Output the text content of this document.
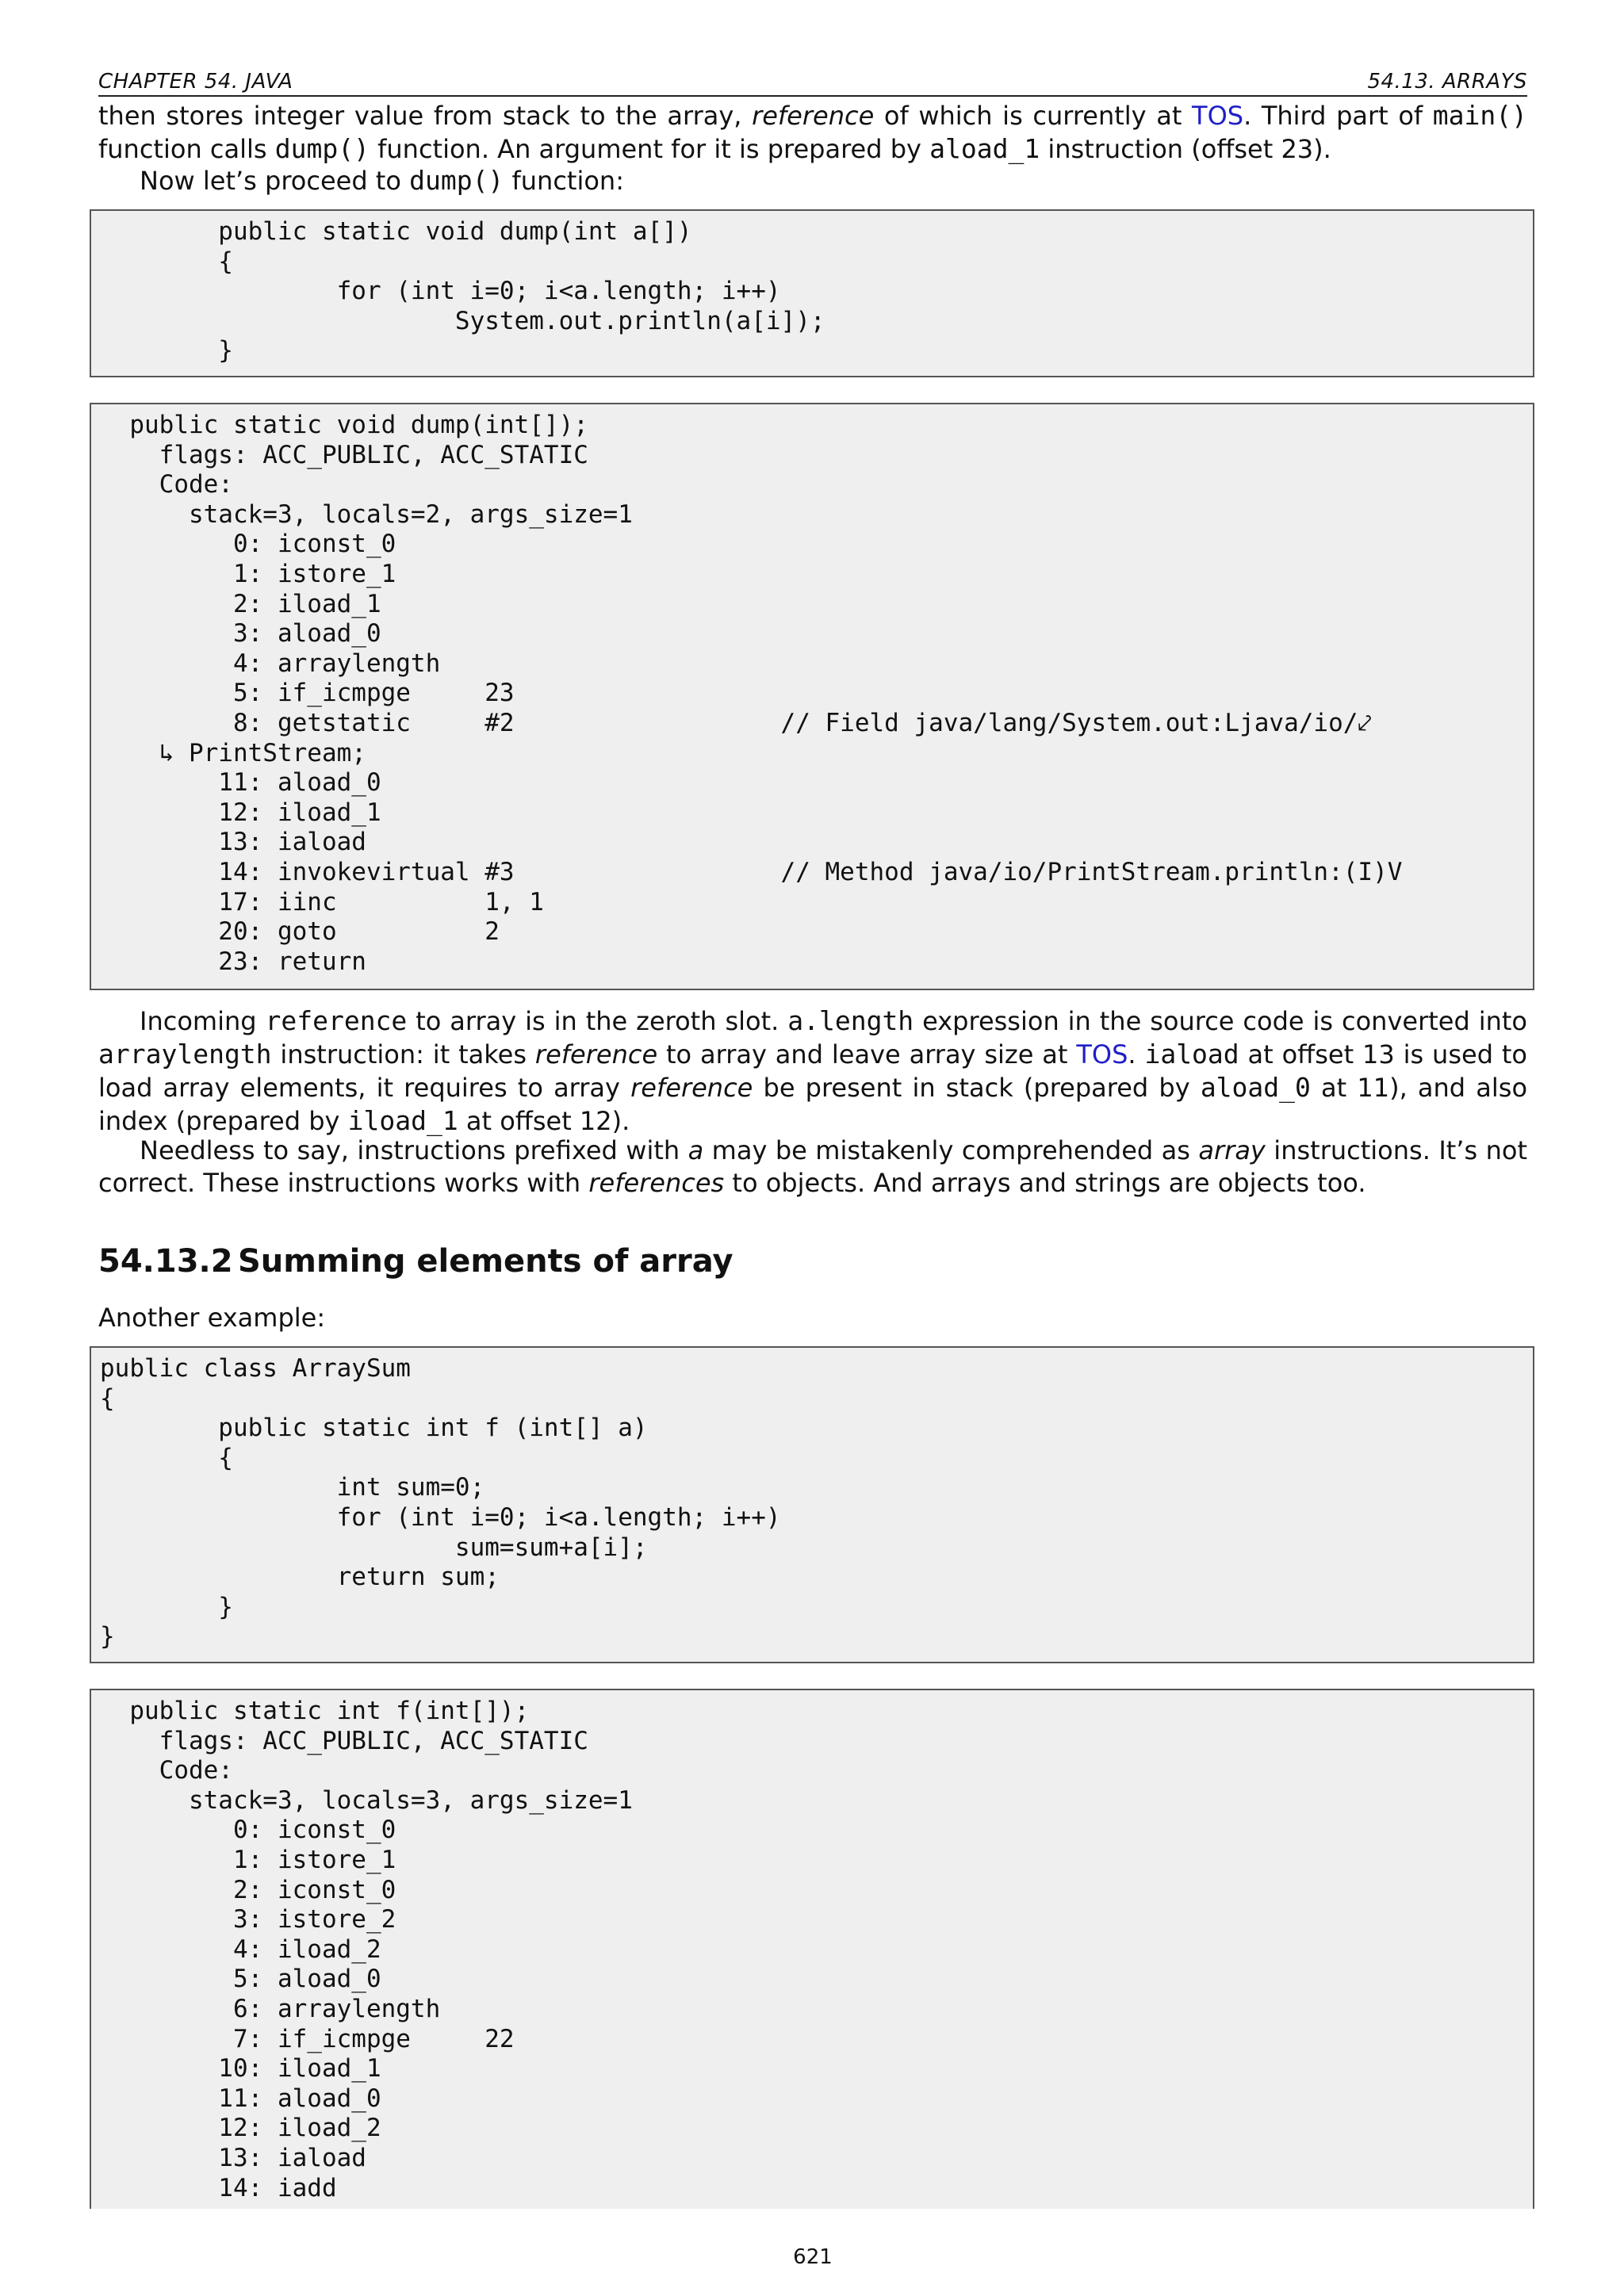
CHAPTER 54. JAVA	54.13. ARRAYS

then stores integer value from stack to the array, reference of which is currently at TOS. Third part of main() function calls dump() function. An argument for it is prepared by aload_1 instruction (offset 23).

Now let’s proceed to dump() function:

public static void dump(int a[])
{
for (int i=0; i<a.length; i++)
System.out.println(a[i]);
}
public static void dump(int[]);
flags: ACC_PUBLIC, ACC_STATIC
Code:
stack=3, locals=2, args_size=1
0: iconst_0
1: istore_1
2: iload_1
3: aload_0
4: arraylength
5: if_icmpge     23
8: getstatic     #2                  // Field java/lang/System.out:Ljava/io/⤦
↳ PrintStream;
11: aload_0
12: iload_1
13: iaload
14: invokevirtual #3                  // Method java/io/PrintStream.println:(I)V
17: iinc          1, 1
20: goto          2
23: return

Incoming reference to array is in the zeroth slot. a.length expression in the source code is converted into arraylength instruction: it takes reference to array and leave array size at TOS. iaload at offset 13 is used to load array elements, it requires to array reference be present in stack (prepared by aload_0 at 11), and also index (prepared by iload_1 at offset 12).

Needless to say, instructions prefixed with a may be mistakenly comprehended as array instructions. It’s not correct. These instructions works with references to objects. And arrays and strings are objects too.

54.13.2 Summing elements of array

Another example:

public class ArraySum
{
public static int f (int[] a)
{
int sum=0;
for (int i=0; i<a.length; i++)
sum=sum+a[i];
return sum;
}
}
public static int f(int[]);
flags: ACC_PUBLIC, ACC_STATIC
Code:
stack=3, locals=3, args_size=1
0: iconst_0
1: istore_1
2: iconst_0
3: istore_2
4: iload_2
5: aload_0
6: arraylength
7: if_icmpge     22
10: iload_1
11: aload_0
12: iload_2
13: iaload
14: iadd
621
